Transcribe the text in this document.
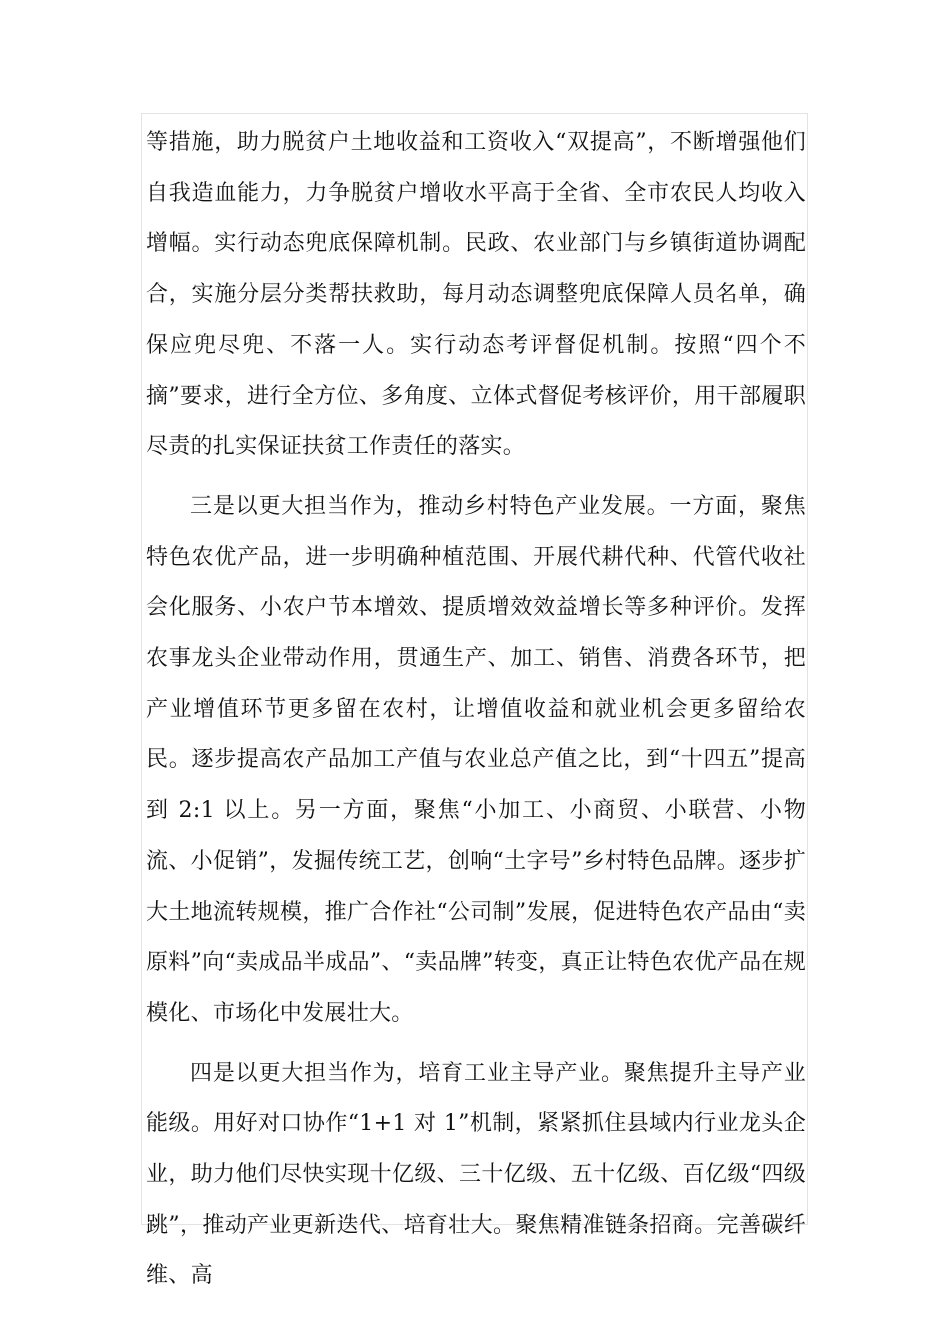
等措施，助力脱贫户土地收益和工资收入“双提高”，不断增强他们自我造血能力，力争脱贫户增收水平高于全省、全市农民人均收入增幅。实行动态兜底保障机制。民政、农业部门与乡镇街道协调配合，实施分层分类帮扶救助，每月动态调整兜底保障人员名单，确保应兜尽兜、不落一人。实行动态考评督促机制。按照“四个不摘”要求，进行全方位、多角度、立体式督促考核评价，用干部履职尽责的扎实保证扶贫工作责任的落实。

三是以更大担当作为，推动乡村特色产业发展。一方面，聚焦特色农优产品，进一步明确种植范围、开展代耕代种、代管代收社会化服务、小农户节本增效、提质增效效益增长等多种评价。发挥农事龙头企业带动作用，贯通生产、加工、销售、消费各环节，把产业增值环节更多留在农村，让增值收益和就业机会更多留给农民。逐步提高农产品加工产值与农业总产值之比，到“十四五”提高到 2:1 以上。另一方面，聚焦“小加工、小商贸、小联营、小物流、小促销”，发掘传统工艺，创响“土字号”乡村特色品牌。逐步扩大土地流转规模，推广合作社“公司制”发展，促进特色农产品由“卖原料”向“卖成品半成品”、“卖品牌”转变，真正让特色农优产品在规模化、市场化中发展壮大。

四是以更大担当作为，培育工业主导产业。聚焦提升主导产业能级。用好对口协作“1+1 对 1”机制，紧紧抓住县域内行业龙头企业，助力他们尽快实现十亿级、三十亿级、五十亿级、百亿级“四级跳”，推动产业更新迭代、培育壮大。聚焦精准链条招商。完善碳纤维、高
